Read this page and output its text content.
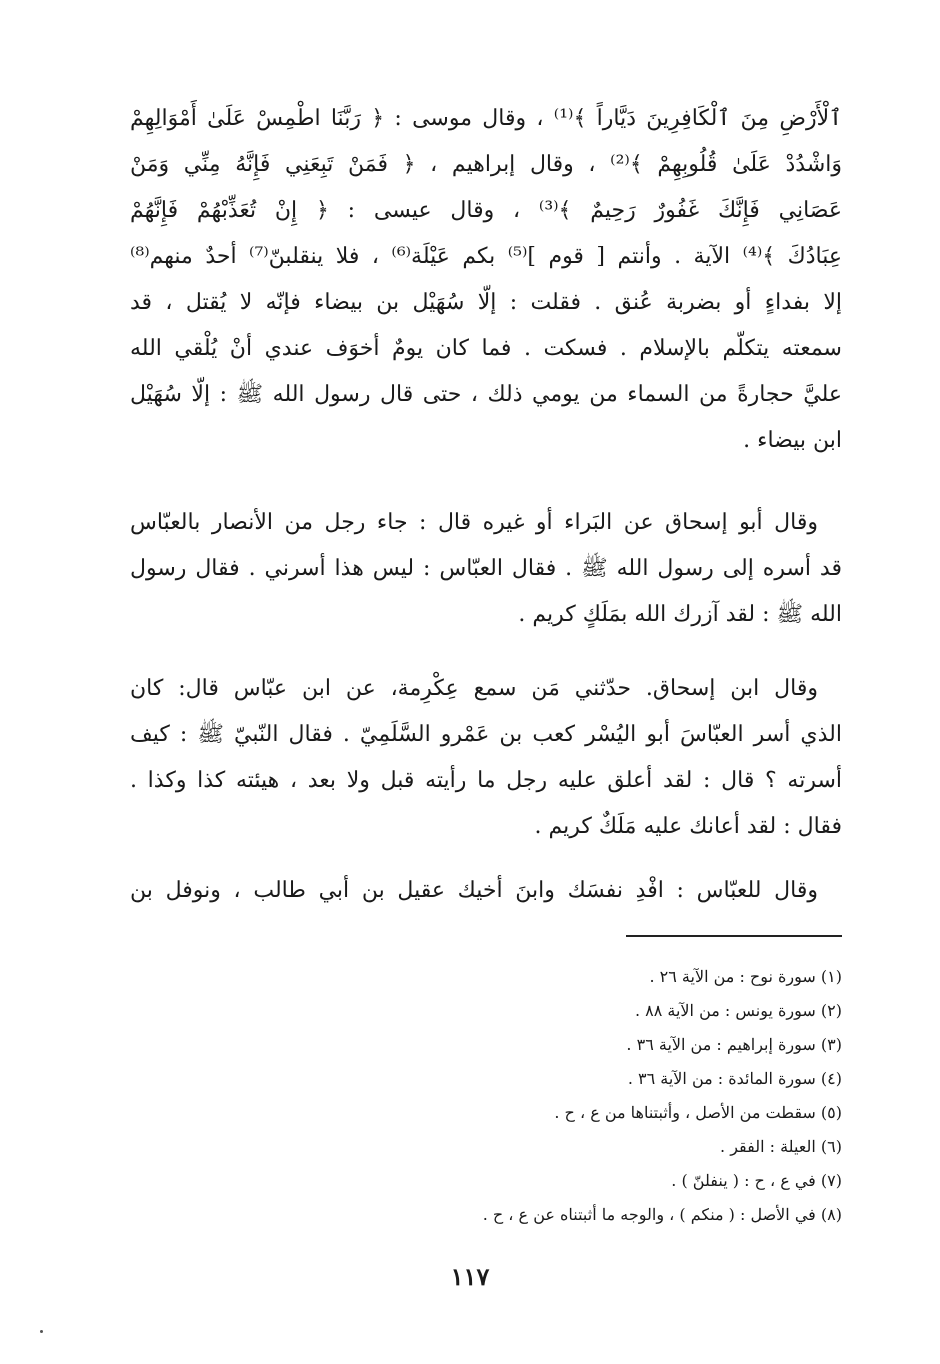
ٱلْأَرْضِ مِنَ ٱلْكَافِرِينَ دَيَّاراً ﴾⁽¹⁾ ، وقال موسى : ﴿ رَبَّنَا اطْمِسْ عَلَىٰ أَمْوَالِهِمْ
وَاشْدُدْ عَلَىٰ قُلُوبِهِمْ ﴾⁽²⁾ ، وقال إبراهيم ، ﴿ فَمَنْ تَبِعَنِي فَإِنَّهُ مِنِّي وَمَنْ
عَصَانِي فَإِنَّكَ غَفُورٌ رَحِيمٌ ﴾⁽³⁾ ، وقال عيسى : ﴿ إِنْ تُعَذِّبْهُمْ فَإِنَّهُمْ
عِبَادُكَ ﴾⁽⁴⁾ الآية . وأنتم [ قوم ]⁽⁵⁾ بكم عَيْلَة⁽⁶⁾ ، فلا ينقلبنّ⁽⁷⁾ أحدٌ منهم⁽⁸⁾
إلا بفداءٍ أو بضربة عُنق . فقلت : إلّا سُهَيْل بن بيضاء فإنّه لا يُقتل ، قد
سمعته يتكلّم بالإسلام . فسكت . فما كان يومٌ أخوَف عندي أنْ يُلْقي الله
عليَّ حجارةً من السماء من يومي ذلك ، حتى قال رسول الله ﷺ : إلّا سُهَيْل
ابن بيضاء .
وقال أبو إسحاق عن البَراء أو غيره قال : جاء رجل من الأنصار بالعبّاس
قد أسره إلى رسول الله ﷺ . فقال العبّاس : ليس هذا أسرني . فقال رسول
الله ﷺ : لقد آزرك الله بمَلَكٍ كريم .
وقال ابن إسحاق. حدّثني مَن سمع عِكْرِمة، عن ابن عبّاس قال: كان
الذي أسر العبّاسَ أبو اليُسْر كعب بن عَمْرو السَّلَمِيّ . فقال النّبيّ ﷺ : كيف
أسرته ؟ قال : لقد أعلق عليه رجل ما رأيته قبل ولا بعد ، هيئته كذا وكذا .
فقال : لقد أعانك عليه مَلَكٌ كريم .
وقال للعبّاس : افْدِ نفسَك وابنَ أخيك عقيل بن أبي طالب ، ونوفل بن
(١) سورة نوح : من الآية ٢٦ .
(٢) سورة يونس : من الآية ٨٨ .
(٣) سورة إبراهيم : من الآية ٣٦ .
(٤) سورة المائدة : من الآية ٣٦ .
(٥) سقطت من الأصل ، وأثبتناها من ع ، ح .
(٦) العيلة : الفقر .
(٧) في ع ، ح : ( ينفلنّ ) .
(٨) في الأصل : ( منكم ) ، والوجه ما أثبتناه عن ع ، ح .
١١٧
